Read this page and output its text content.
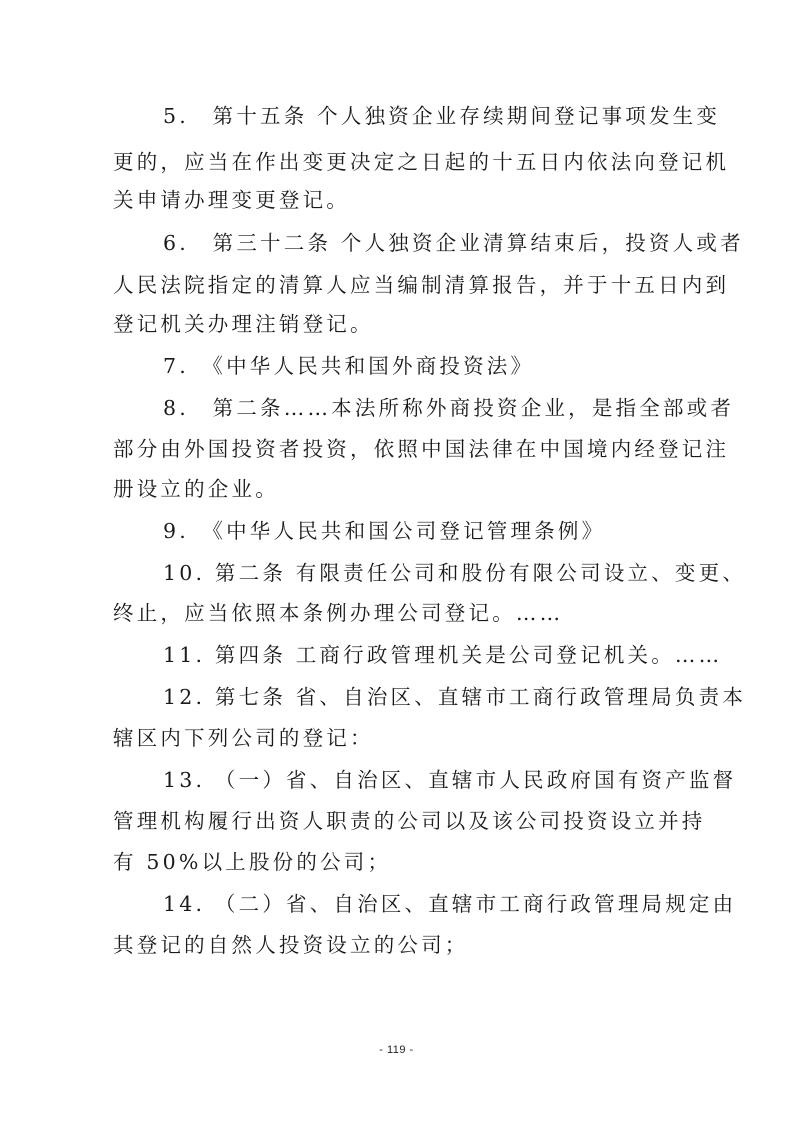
5.　第十五条 个人独资企业存续期间登记事项发生变
更的，应当在作出变更决定之日起的十五日内依法向登记机
关申请办理变更登记。
6.　第三十二条 个人独资企业清算结束后，投资人或者
人民法院指定的清算人应当编制清算报告，并于十五日内到
登记机关办理注销登记。
7.　《中华人民共和国外商投资法》
8.　第二条……本法所称外商投资企业，是指全部或者
部分由外国投资者投资，依照中国法律在中国境内经登记注
册设立的企业。
9.　《中华人民共和国公司登记管理条例》
10. 第二条 有限责任公司和股份有限公司设立、变更、
终止，应当依照本条例办理公司登记。……
11. 第四条 工商行政管理机关是公司登记机关。……
12. 第七条 省、自治区、直辖市工商行政管理局负责本
辖区内下列公司的登记：
13. （一）省、自治区、直辖市人民政府国有资产监督
管理机构履行出资人职责的公司以及该公司投资设立并持
有 50%以上股份的公司；
14. （二）省、自治区、直辖市工商行政管理局规定由
其登记的自然人投资设立的公司；
- 119 -
